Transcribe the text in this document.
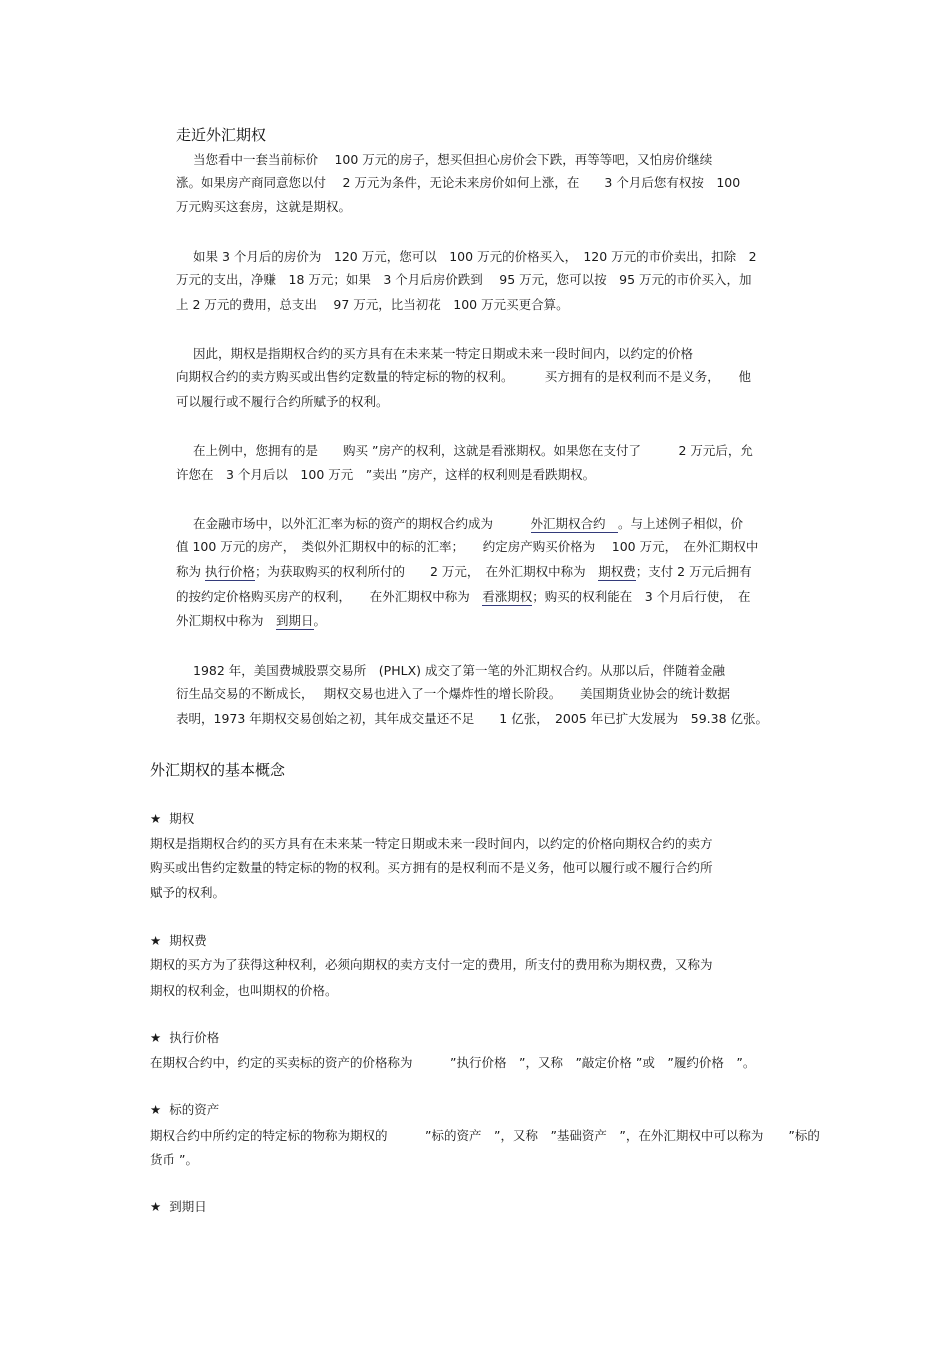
走近外汇期权
当您看中一套当前标价　 100 万元的房子，想买但担心房价会下跌，再等等吧，又怕房价继续
涨。如果房产商同意您以付　 2 万元为条件，无论未来房价如何上涨，在　　3 个月后您有权按　100
万元购买这套房，这就是期权。
如果 3 个月后的房价为　120 万元，您可以　100 万元的价格买入，　120 万元的市价卖出，扣除　2
万元的支出，净赚　18 万元；如果　3 个月后房价跌到　 95 万元，您可以按　95 万元的市价买入，加
上 2 万元的费用，总支出　 97 万元，比当初花　100 万元买更合算。
因此，期权是指期权合约的买方具有在未来某一特定日期或未来一段时间内，以约定的价格
向期权合约的卖方购买或出售约定数量的特定标的物的权利。　　　买方拥有的是权利而不是义务，　　他
可以履行或不履行合约所赋予的权利。
在上例中，您拥有的是　　购买 ”房产的权利，这就是看涨期权。如果您在支付了　　　2 万元后，允
许您在　3 个月后以　100 万元　”卖出 ”房产，这样的权利则是看跌期权。
在金融市场中，以外汇汇率为标的资产的期权合约成为　　　外汇期权合约　。与上述例子相似，价
值 100 万元的房产，　类似外汇期权中的标的汇率；　　约定房产购买价格为　 100 万元，　在外汇期权中
称为 执行价格；为获取购买的权利所付的　　2 万元，　在外汇期权中称为　期权费；支付 2 万元后拥有
的按约定价格购买房产的权利，　　在外汇期权中称为　看涨期权；购买的权利能在　3 个月后行使，　在
外汇期权中称为　到期日。
1982 年，美国费城股票交易所　(PHLX) 成交了第一笔的外汇期权合约。从那以后，伴随着金融
衍生品交易的不断成长，　 期权交易也进入了一个爆炸性的增长阶段。　　美国期货业协会的统计数据
表明，1973 年期权交易创始之初，其年成交量还不足　　1 亿张，　2005 年已扩大发展为　59.38 亿张。
外汇期权的基本概念
★ 期权
期权是指期权合约的买方具有在未来某一特定日期或未来一段时间内，以约定的价格向期权合约的卖方
购买或出售约定数量的特定标的物的权利。买方拥有的是权利而不是义务，他可以履行或不履行合约所
赋予的权利。
★ 期权费
期权的买方为了获得这种权利，必须向期权的卖方支付一定的费用，所支付的费用称为期权费，又称为
期权的权利金，也叫期权的价格。
★ 执行价格
在期权合约中，约定的买卖标的资产的价格称为　　　”执行价格　”，又称　”敲定价格 ”或　”履约价格　”。
★ 标的资产
期权合约中所约定的特定标的物称为期权的　　　”标的资产　”，又称　”基础资产　”，在外汇期权中可以称为　　”标的
货币 ”。
★ 到期日
